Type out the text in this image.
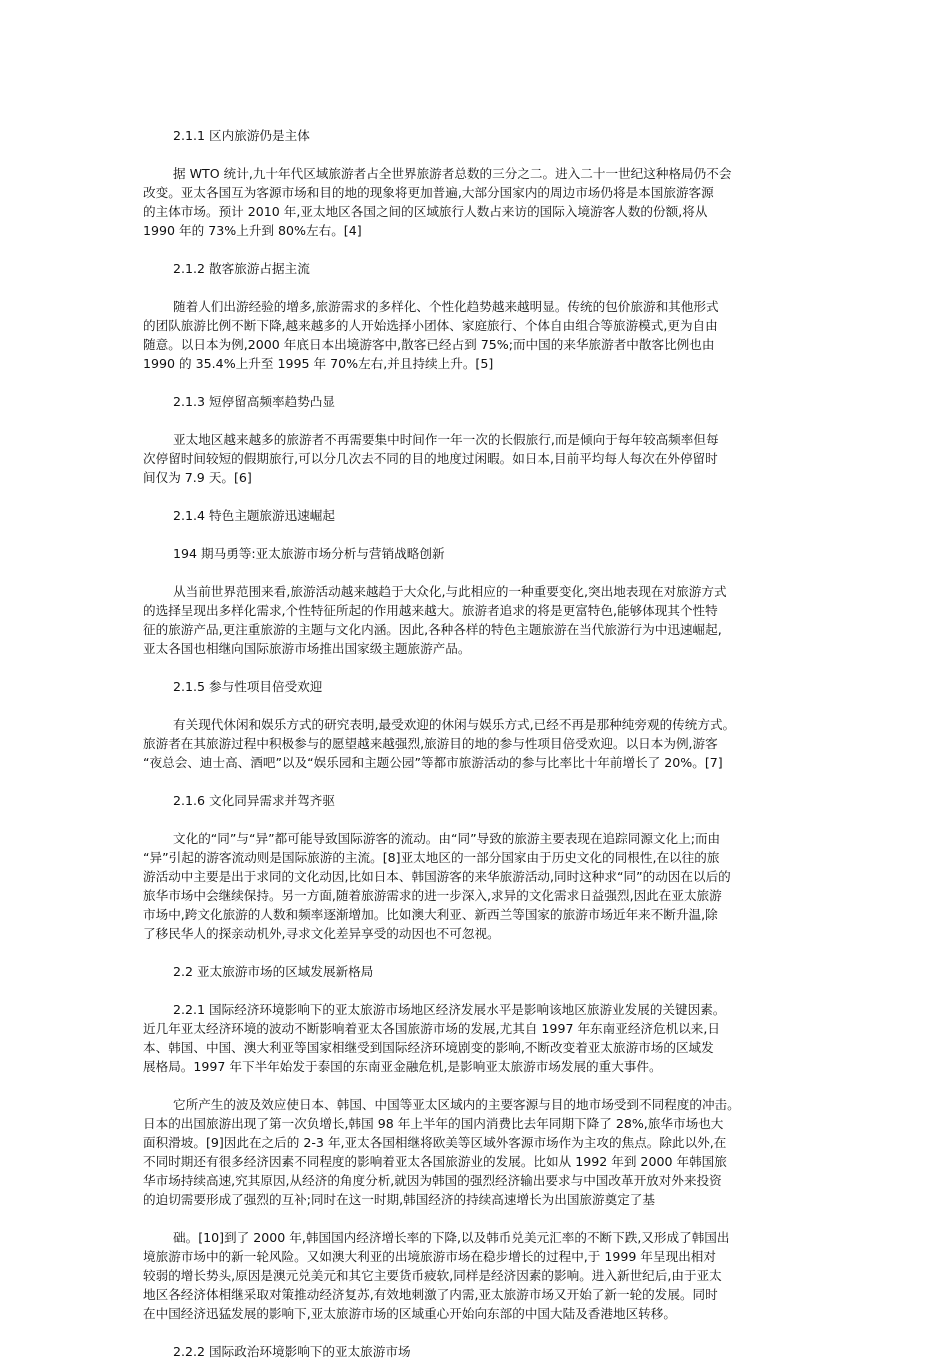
2.1.1 区内旅游仍是主体

据 WTO 统计,九十年代区域旅游者占全世界旅游者总数的三分之二。进入二十一世纪这种格局仍不会
改变。亚太各国互为客源市场和目的地的现象将更加普遍,大部分国家内的周边市场仍将是本国旅游客源
的主体市场。预计 2010 年,亚太地区各国之间的区域旅行人数占来访的国际入境游客人数的份额,将从
1990 年的 73%上升到 80%左右。[4]

2.1.2 散客旅游占据主流

随着人们出游经验的增多,旅游需求的多样化、个性化趋势越来越明显。传统的包价旅游和其他形式
的团队旅游比例不断下降,越来越多的人开始选择小团体、家庭旅行、个体自由组合等旅游模式,更为自由
随意。以日本为例,2000 年底日本出境游客中,散客已经占到 75%;而中国的来华旅游者中散客比例也由
1990 的 35.4%上升至 1995 年 70%左右,并且持续上升。[5]

2.1.3 短停留高频率趋势凸显

亚太地区越来越多的旅游者不再需要集中时间作一年一次的长假旅行,而是倾向于每年较高频率但每
次停留时间较短的假期旅行,可以分几次去不同的目的地度过闲暇。如日本,目前平均每人每次在外停留时
间仅为 7.9 天。[6]

2.1.4 特色主题旅游迅速崛起

194 期马勇等:亚太旅游市场分析与营销战略创新

从当前世界范围来看,旅游活动越来越趋于大众化,与此相应的一种重要变化,突出地表现在对旅游方式
的选择呈现出多样化需求,个性特征所起的作用越来越大。旅游者追求的将是更富特色,能够体现其个性特
征的旅游产品,更注重旅游的主题与文化内涵。因此,各种各样的特色主题旅游在当代旅游行为中迅速崛起,
亚太各国也相继向国际旅游市场推出国家级主题旅游产品。

2.1.5 参与性项目倍受欢迎

有关现代休闲和娱乐方式的研究表明,最受欢迎的休闲与娱乐方式,已经不再是那种纯旁观的传统方式。
旅游者在其旅游过程中积极参与的愿望越来越强烈,旅游目的地的参与性项目倍受欢迎。以日本为例,游客
“夜总会、迪士高、酒吧”以及“娱乐园和主题公园”等都市旅游活动的参与比率比十年前增长了 20%。[7]

2.1.6 文化同异需求并驾齐驱

文化的“同”与“异”都可能导致国际游客的流动。由“同”导致的旅游主要表现在追踪同源文化上;而由
“异”引起的游客流动则是国际旅游的主流。[8]亚太地区的一部分国家由于历史文化的同根性,在以往的旅
游活动中主要是出于求同的文化动因,比如日本、韩国游客的来华旅游活动,同时这种求“同”的动因在以后的
旅华市场中会继续保持。另一方面,随着旅游需求的进一步深入,求异的文化需求日益强烈,因此在亚太旅游
市场中,跨文化旅游的人数和频率逐渐增加。比如澳大利亚、新西兰等国家的旅游市场近年来不断升温,除
了移民华人的探亲动机外,寻求文化差异享受的动因也不可忽视。

2.2 亚太旅游市场的区域发展新格局

2.2.1 国际经济环境影响下的亚太旅游市场地区经济发展水平是影响该地区旅游业发展的关键因素。
近几年亚太经济环境的波动不断影响着亚太各国旅游市场的发展,尤其自 1997 年东南亚经济危机以来,日
本、韩国、中国、澳大利亚等国家相继受到国际经济环境剧变的影响,不断改变着亚太旅游市场的区域发
展格局。1997 年下半年始发于泰国的东南亚金融危机,是影响亚太旅游市场发展的重大事件。

它所产生的波及效应使日本、韩国、中国等亚太区域内的主要客源与目的地市场受到不同程度的冲击。
日本的出国旅游出现了第一次负增长,韩国 98 年上半年的国内消费比去年同期下降了 28%,旅华市场也大
面积滑坡。[9]因此在之后的 2-3 年,亚太各国相继将欧美等区域外客源市场作为主攻的焦点。除此以外,在
不同时期还有很多经济因素不同程度的影响着亚太各国旅游业的发展。比如从 1992 年到 2000 年韩国旅
华市场持续高速,究其原因,从经济的角度分析,就因为韩国的强烈经济输出要求与中国改革开放对外来投资
的迫切需要形成了强烈的互补;同时在这一时期,韩国经济的持续高速增长为出国旅游奠定了基

础。[10]到了 2000 年,韩国国内经济增长率的下降,以及韩币兑美元汇率的不断下跌,又形成了韩国出
境旅游市场中的新一轮风险。又如澳大利亚的出境旅游市场在稳步增长的过程中,于 1999 年呈现出相对
较弱的增长势头,原因是澳元兑美元和其它主要货币疲软,同样是经济因素的影响。进入新世纪后,由于亚太
地区各经济体相继采取对策推动经济复苏,有效地刺激了内需,亚太旅游市场又开始了新一轮的发展。同时
在中国经济迅猛发展的影响下,亚太旅游市场的区域重心开始向东部的中国大陆及香港地区转移。

2.2.2 国际政治环境影响下的亚太旅游市场
